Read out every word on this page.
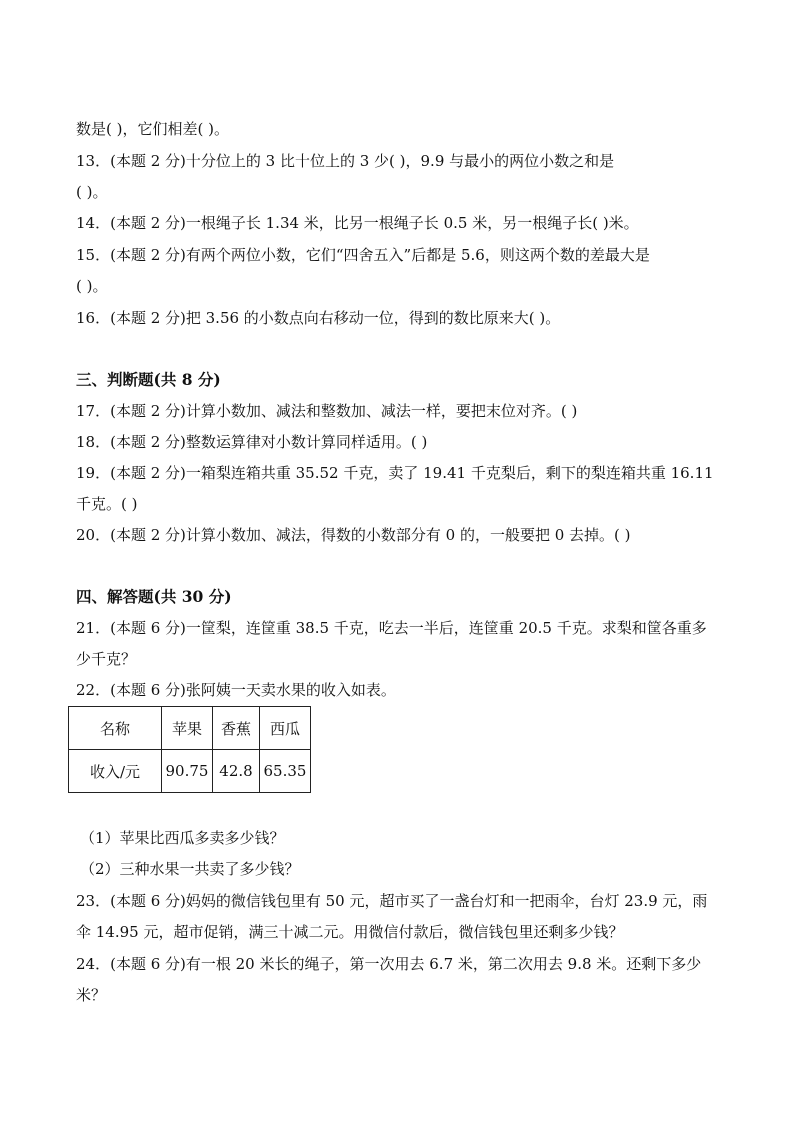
数是( )，它们相差( )。
13．(本题 2 分)十分位上的 3 比十位上的 3 少( )，9.9 与最小的两位小数之和是
( )。
14．(本题 2 分)一根绳子长 1.34 米，比另一根绳子长 0.5 米，另一根绳子长( )米。
15．(本题 2 分)有两个两位小数，它们“四舍五入”后都是 5.6，则这两个数的差最大是
( )。
16．(本题 2 分)把 3.56 的小数点向右移动一位，得到的数比原来大( )。
三、判断题(共 8 分)
17．(本题 2 分)计算小数加、减法和整数加、减法一样，要把末位对齐。( )
18．(本题 2 分)整数运算律对小数计算同样适用。( )
19．(本题 2 分)一箱梨连箱共重 35.52 千克，卖了 19.41 千克梨后，剩下的梨连箱共重 16.11
千克。( )
20．(本题 2 分)计算小数加、减法，得数的小数部分有 0 的，一般要把 0 去掉。( )
四、解答题(共 30 分)
21．(本题 6 分)一筐梨，连筐重 38.5 千克，吃去一半后，连筐重 20.5 千克。求梨和筐各重多
少千克？
22．(本题 6 分)张阿姨一天卖水果的收入如表。
名称	苹果	香蕉	西瓜
收入/元	90.75	42.8	65.35
（1）苹果比西瓜多卖多少钱？
（2）三种水果一共卖了多少钱？
23．(本题 6 分)妈妈的微信钱包里有 50 元，超市买了一盏台灯和一把雨伞，台灯 23.9 元，雨
伞 14.95 元，超市促销，满三十减二元。用微信付款后，微信钱包里还剩多少钱？
24．(本题 6 分)有一根 20 米长的绳子，第一次用去 6.7 米，第二次用去 9.8 米。还剩下多少
米？
